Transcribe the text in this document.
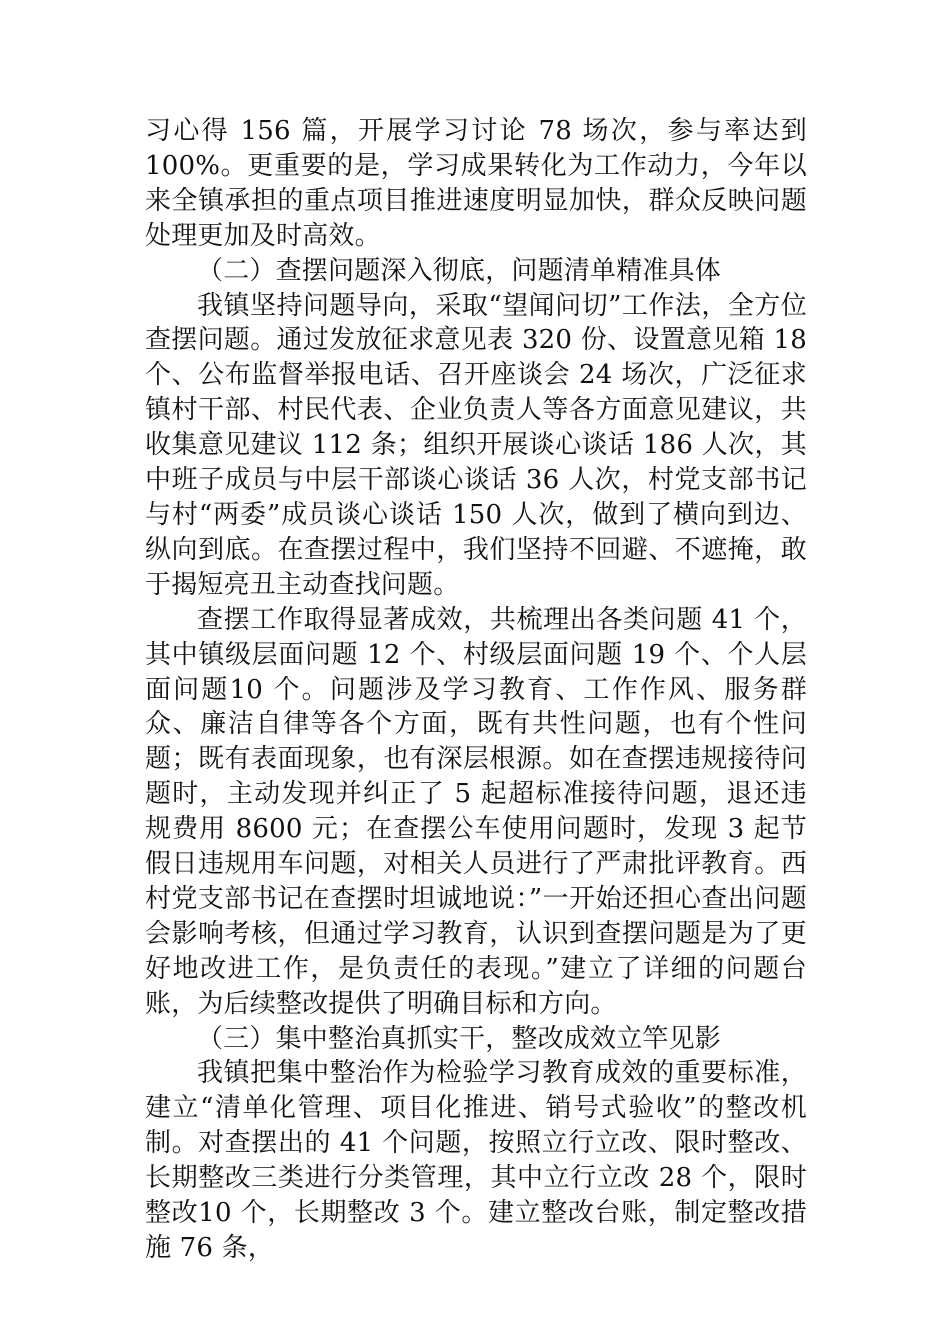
习心得 156 篇，开展学习讨论 78 场次，参与率达到100%。更重要的是，学习成果转化为工作动力，今年以来全镇承担的重点项目推进速度明显加快，群众反映问题处理更加及时高效。

（二）查摆问题深入彻底，问题清单精准具体

我镇坚持问题导向，采取“望闻问切”工作法，全方位查摆问题。通过发放征求意见表 320 份、设置意见箱 18 个、公布监督举报电话、召开座谈会 24 场次，广泛征求镇村干部、村民代表、企业负责人等各方面意见建议，共收集意见建议 112 条；组织开展谈心谈话 186 人次，其中班子成员与中层干部谈心谈话 36 人次，村党支部书记与村“两委”成员谈心谈话 150 人次，做到了横向到边、纵向到底。在查摆过程中，我们坚持不回避、不遮掩，敢于揭短亮丑主动查找问题。

查摆工作取得显著成效，共梳理出各类问题 41 个，其中镇级层面问题 12 个、村级层面问题 19 个、个人层面问题10 个。问题涉及学习教育、工作作风、服务群众、廉洁自律等各个方面，既有共性问题，也有个性问题；既有表面现象，也有深层根源。如在查摆违规接待问题时，主动发现并纠正了 5 起超标准接待问题，退还违规费用 8600 元；在查摆公车使用问题时，发现 3 起节假日违规用车问题，对相关人员进行了严肃批评教育。西村党支部书记在查摆时坦诚地说：”一开始还担心查出问题会影响考核，但通过学习教育，认识到查摆问题是为了更好地改进工作，是负责任的表现。”建立了详细的问题台账，为后续整改提供了明确目标和方向。

（三）集中整治真抓实干，整改成效立竿见影

我镇把集中整治作为检验学习教育成效的重要标准，建立“清单化管理、项目化推进、销号式验收”的整改机制。对查摆出的 41 个问题，按照立行立改、限时整改、长期整改三类进行分类管理，其中立行立改 28 个，限时整改10 个，长期整改 3 个。建立整改台账，制定整改措施 76 条，
